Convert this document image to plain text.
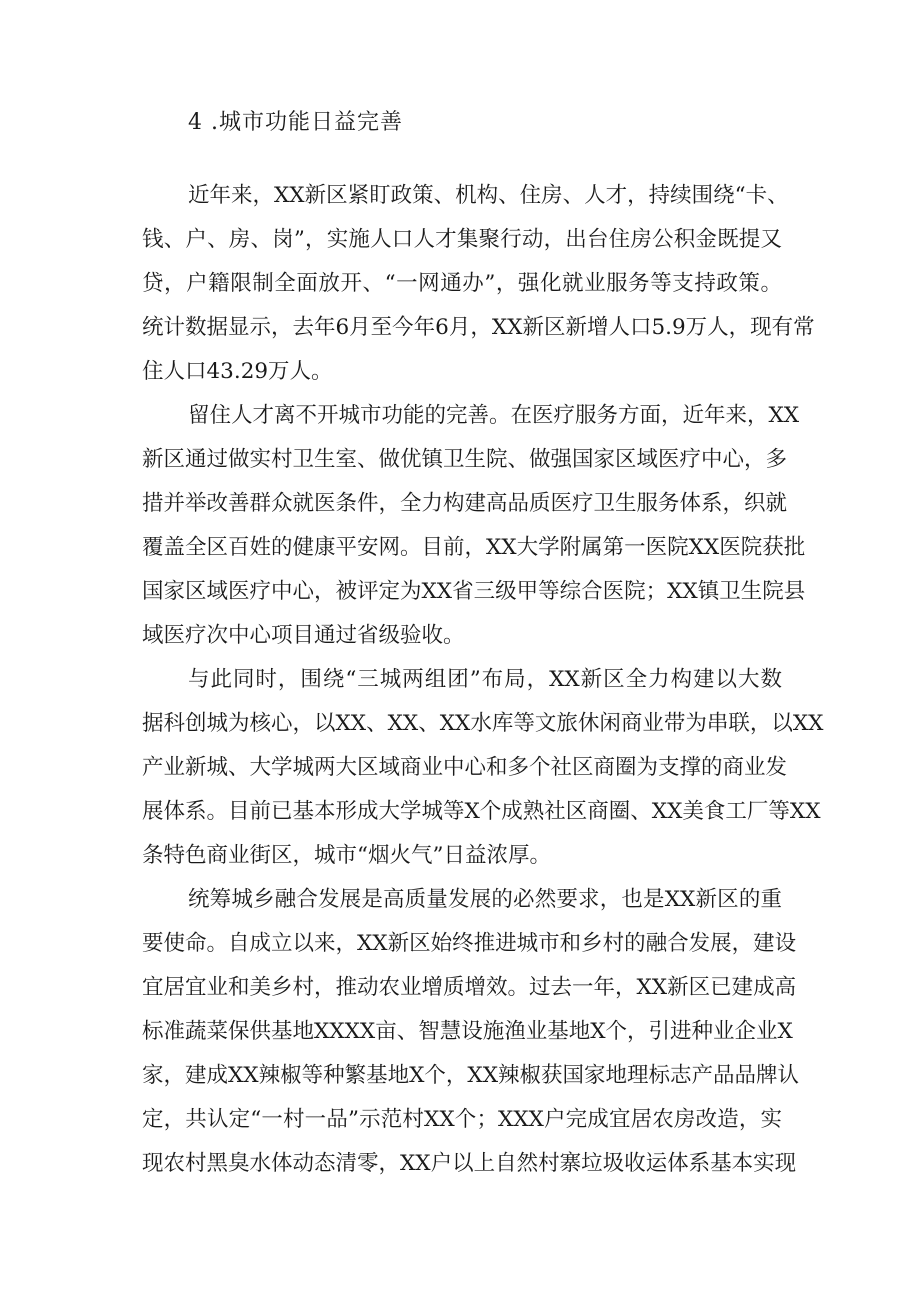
4 .城市功能日益完善
近年来，XX新区紧盯政策、机构、住房、人才，持续围绕“卡、
钱、户、房、岗”，实施人口人才集聚行动，出台住房公积金既提又
贷，户籍限制全面放开、“一网通办”，强化就业服务等支持政策。
统计数据显示，去年6月至今年6月，XX新区新增人口5.9万人，现有常
住人口43.29万人。
留住人才离不开城市功能的完善。在医疗服务方面，近年来，XX
新区通过做实村卫生室、做优镇卫生院、做强国家区域医疗中心，多
措并举改善群众就医条件，全力构建高品质医疗卫生服务体系，织就
覆盖全区百姓的健康平安网。目前，XX大学附属第一医院XX医院获批
国家区域医疗中心，被评定为XX省三级甲等综合医院；XX镇卫生院县
域医疗次中心项目通过省级验收。
与此同时，围绕“三城两组团”布局，XX新区全力构建以大数
据科创城为核心，以XX、XX、XX水库等文旅休闲商业带为串联，以XX
产业新城、大学城两大区域商业中心和多个社区商圈为支撑的商业发
展体系。目前已基本形成大学城等X个成熟社区商圈、XX美食工厂等XX
条特色商业街区，城市“烟火气”日益浓厚。
统筹城乡融合发展是高质量发展的必然要求，也是XX新区的重
要使命。自成立以来，XX新区始终推进城市和乡村的融合发展，建设
宜居宜业和美乡村，推动农业增质增效。过去一年，XX新区已建成高
标准蔬菜保供基地XXXX亩、智慧设施渔业基地X个，引进种业企业X
家，建成XX辣椒等种繁基地X个，XX辣椒获国家地理标志产品品牌认
定，共认定“一村一品”示范村XX个；XXX户完成宜居农房改造，实
现农村黑臭水体动态清零，XX户以上自然村寨垃圾收运体系基本实现
